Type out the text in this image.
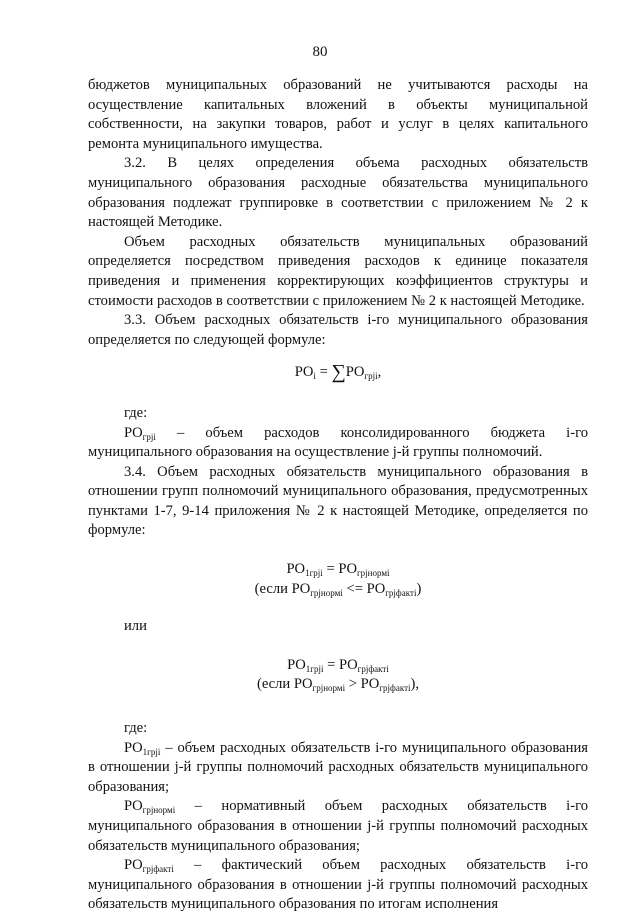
80

бюджетов муниципальных образований не учитываются расходы на осуществление капитальных вложений в объекты муниципальной собственности, на закупки товаров, работ и услуг в целях капитального ремонта муниципального имущества.

3.2. В целях определения объема расходных обязательств муниципального образования расходные обязательства муниципального образования подлежат группировке в соответствии с приложением № 2 к настоящей Методике.

Объем расходных обязательств муниципальных образований определяется посредством приведения расходов к единице показателя приведения и применения корректирующих коэффициентов структуры и стоимости расходов в соответствии с приложением № 2 к настоящей Методике.

3.3. Объем расходных обязательств i-го муниципального образования определяется по следующей формуле:

$PO_i = \sum PO_{грji}$,

где:

$PO_{грji}$ – объем расходов консолидированного бюджета i-го муниципального образования на осуществление j-й группы полномочий.

3.4. Объем расходных обязательств муниципального образования в отношении групп полномочий муниципального образования, предусмотренных пунктами 1-7, 9-14 приложения № 2 к настоящей Методике, определяется по формуле:

$PO_{1грji} = PO_{грjнормi}$
(если $PO_{грjнормi} <= PO_{грjфактi}$)

или

$PO_{1грji} = PO_{грjфактi}$
(если $PO_{грjнормi} > PO_{грjфактi}$),

где:

$PO_{1грji}$ – объем расходных обязательств i-го муниципального образования в отношении j-й группы полномочий расходных обязательств муниципального образования;

$PO_{грjнормi}$ – нормативный объем расходных обязательств i-го муниципального образования в отношении j-й группы полномочий расходных обязательств муниципального образования;

$PO_{грjфактi}$ – фактический объем расходных обязательств i-го муниципального образования в отношении j-й группы полномочий расходных обязательств муниципального образования по итогам исполнения
